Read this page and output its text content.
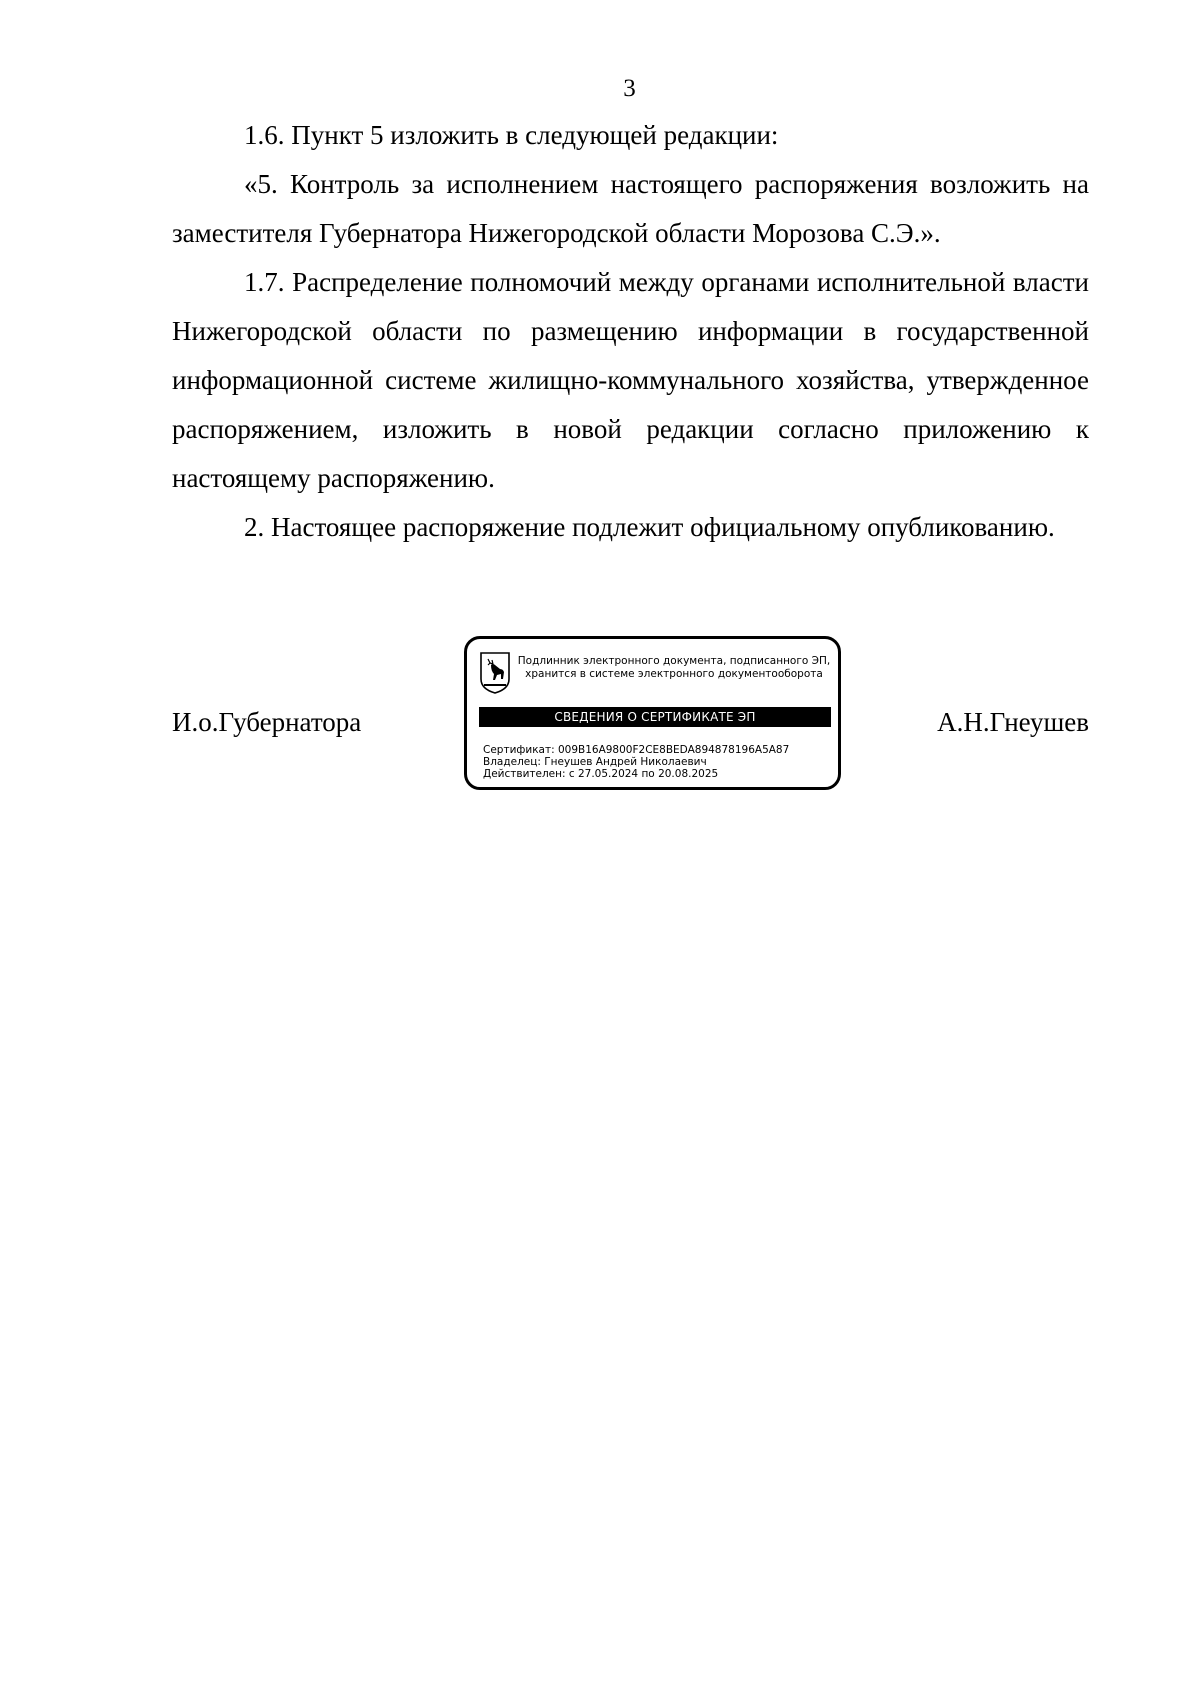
3

1.6. Пункт 5 изложить в следующей редакции:

«5. Контроль за исполнением настоящего распоряжения возложить на заместителя Губернатора Нижегородской области Морозова С.Э.».

1.7. Распределение полномочий между органами исполнительной власти Нижегородской области по размещению информации в государственной информационной системе жилищно-коммунального хозяйства, утвержденное распоряжением, изложить в новой редакции согласно приложению к настоящему распоряжению.

2. Настоящее распоряжение подлежит официальному опубликованию.

И.о.Губернатора
Подлинник электронного документа, подписанного ЭП,
хранится в системе электронного документооборота
СВЕДЕНИЯ О СЕРТИФИКАТЕ ЭП
Сертификат: 009B16A9800F2CE8BEDA894878196A5A87
Владелец: Гнеушев Андрей Николаевич
Действителен: с 27.05.2024 по 20.08.2025
А.Н.Гнеушев
